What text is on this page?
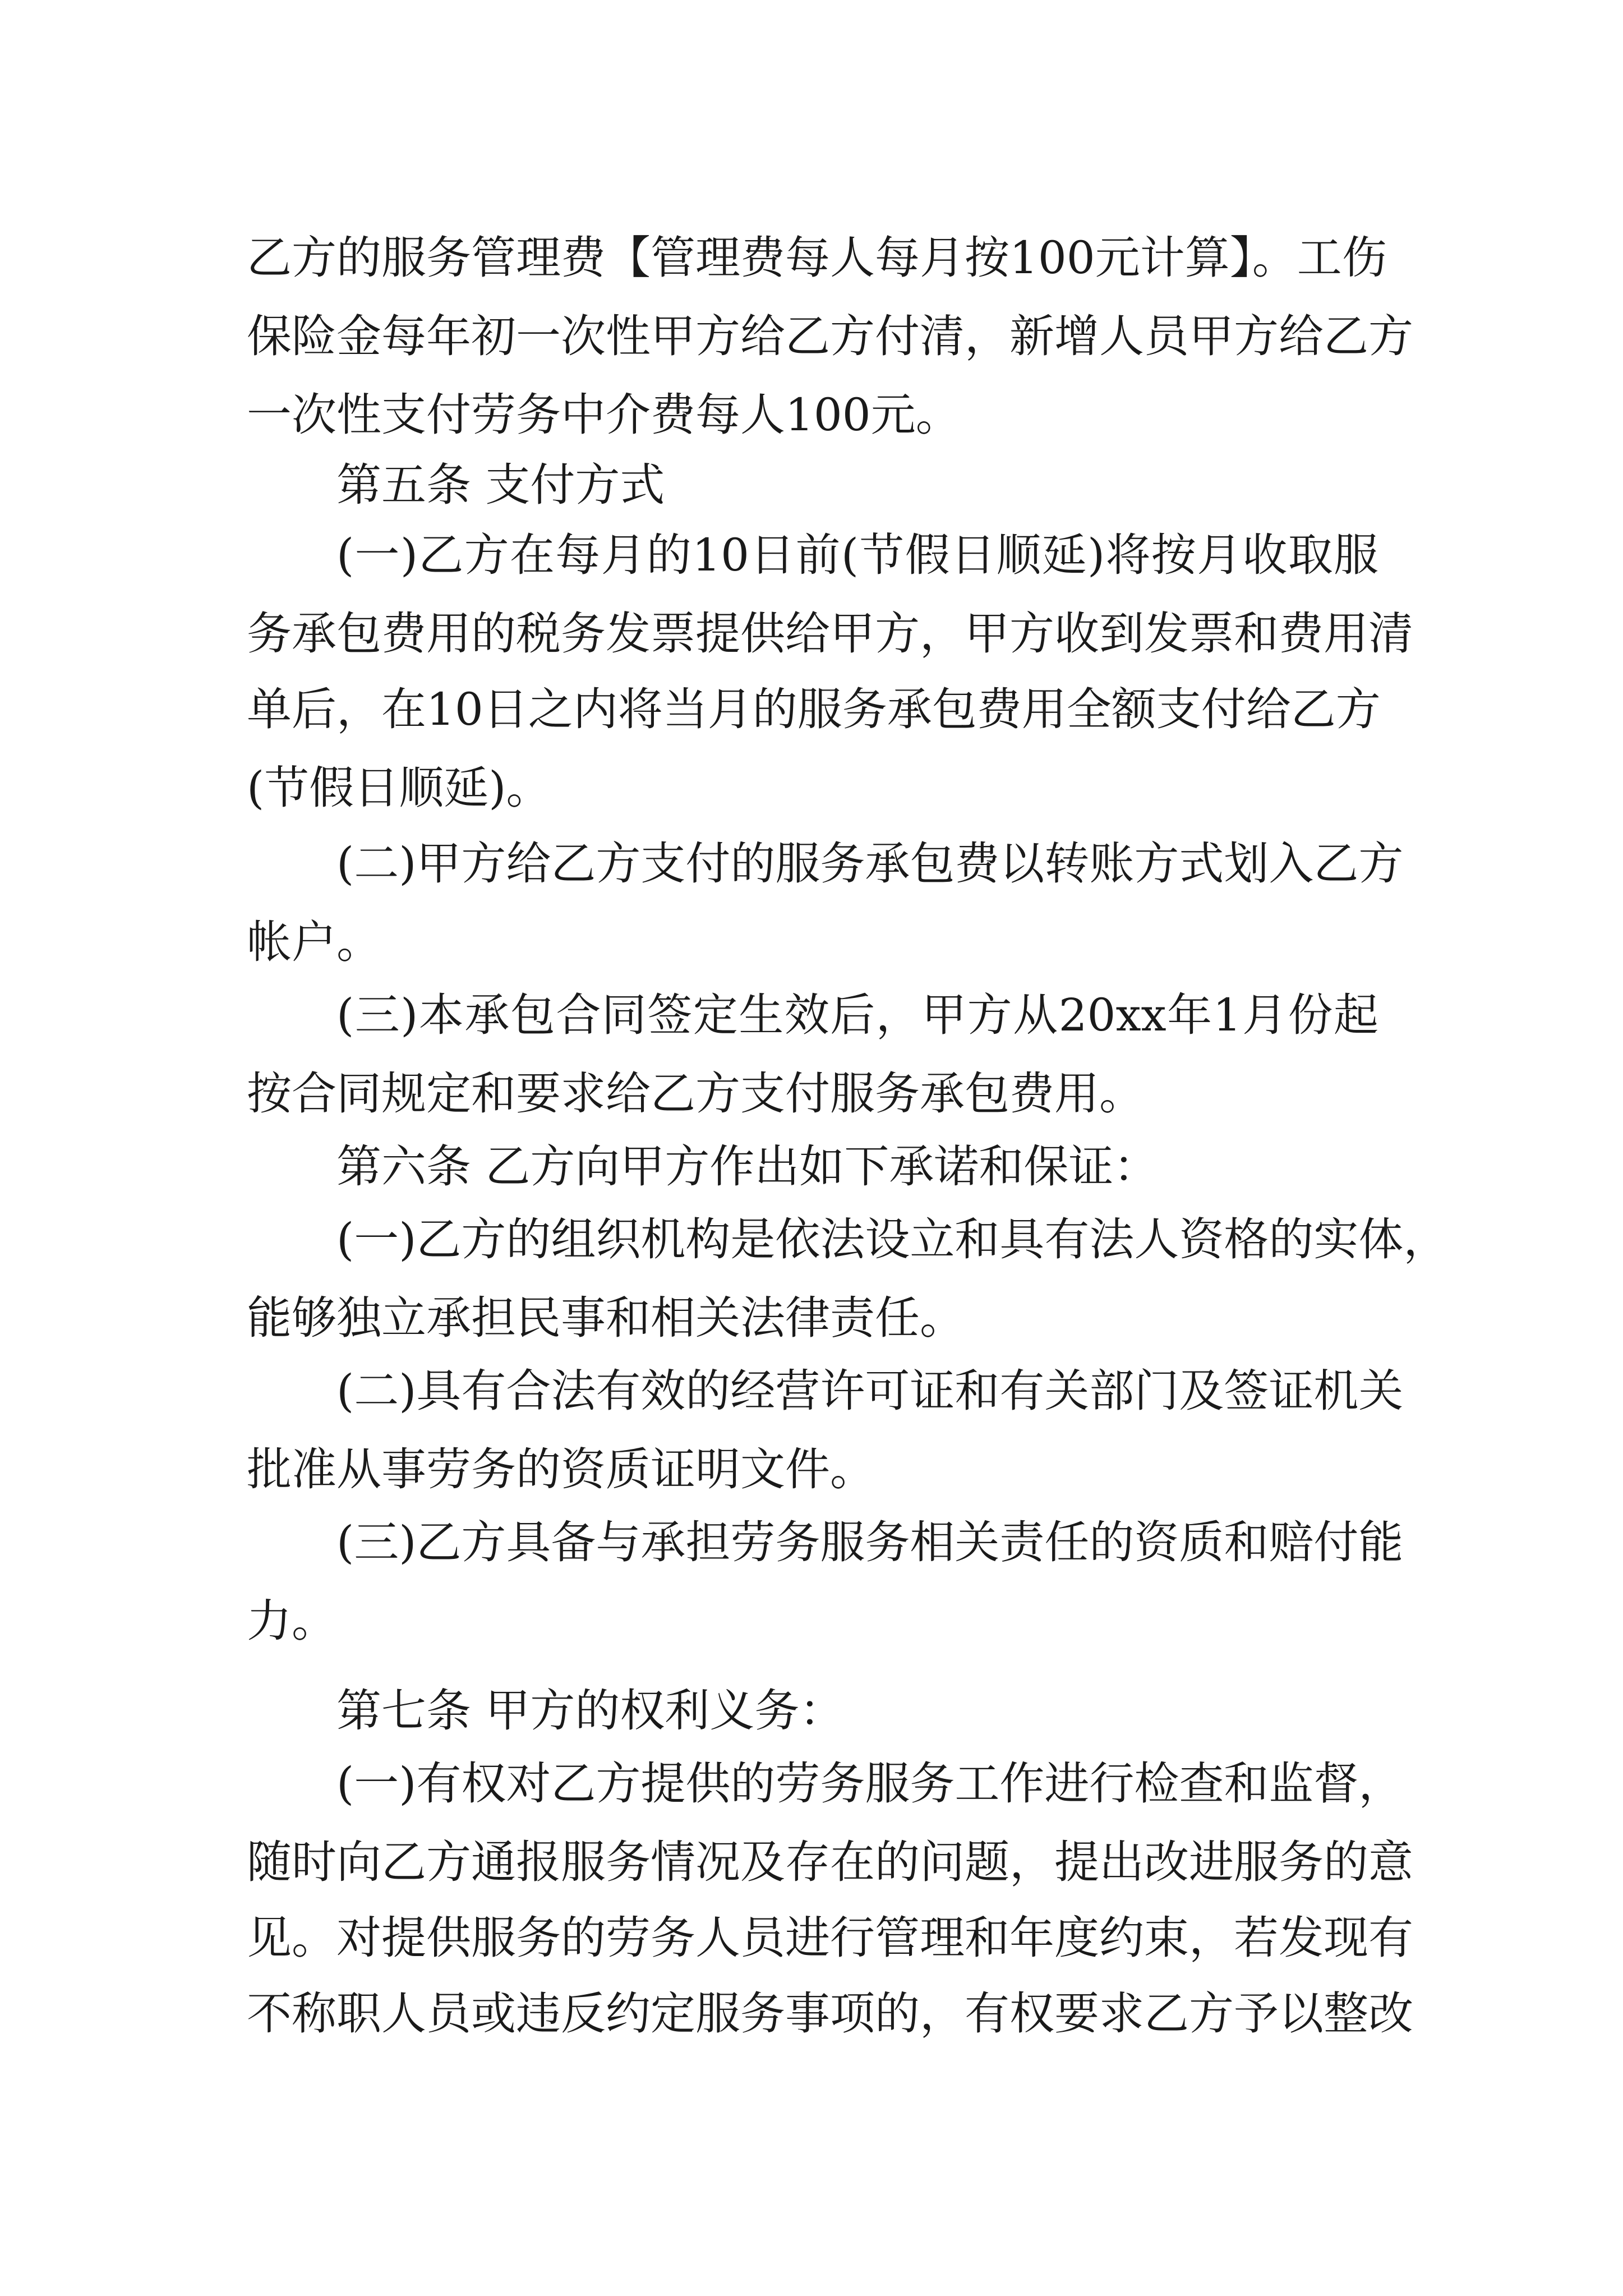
乙方的服务管理费【管理费每人每月按100元计算】。工伤
保险金每年初一次性甲方给乙方付清，新增人员甲方给乙方
一次性支付劳务中介费每人100元。
第五条 支付方式
(一)乙方在每月的10日前(节假日顺延)将按月收取服
务承包费用的税务发票提供给甲方，甲方收到发票和费用清
单后，在10日之内将当月的服务承包费用全额支付给乙方
(节假日顺延)。
(二)甲方给乙方支付的服务承包费以转账方式划入乙方
帐户。
(三)本承包合同签定生效后，甲方从20xx年1月份起
按合同规定和要求给乙方支付服务承包费用。
第六条 乙方向甲方作出如下承诺和保证：
(一)乙方的组织机构是依法设立和具有法人资格的实体，
能够独立承担民事和相关法律责任。
(二)具有合法有效的经营许可证和有关部门及签证机关
批准从事劳务的资质证明文件。
(三)乙方具备与承担劳务服务相关责任的资质和赔付能
力。
第七条 甲方的权利义务：
(一)有权对乙方提供的劳务服务工作进行检查和监督，
随时向乙方通报服务情况及存在的问题，提出改进服务的意
见。对提供服务的劳务人员进行管理和年度约束，若发现有
不称职人员或违反约定服务事项的，有权要求乙方予以整改
